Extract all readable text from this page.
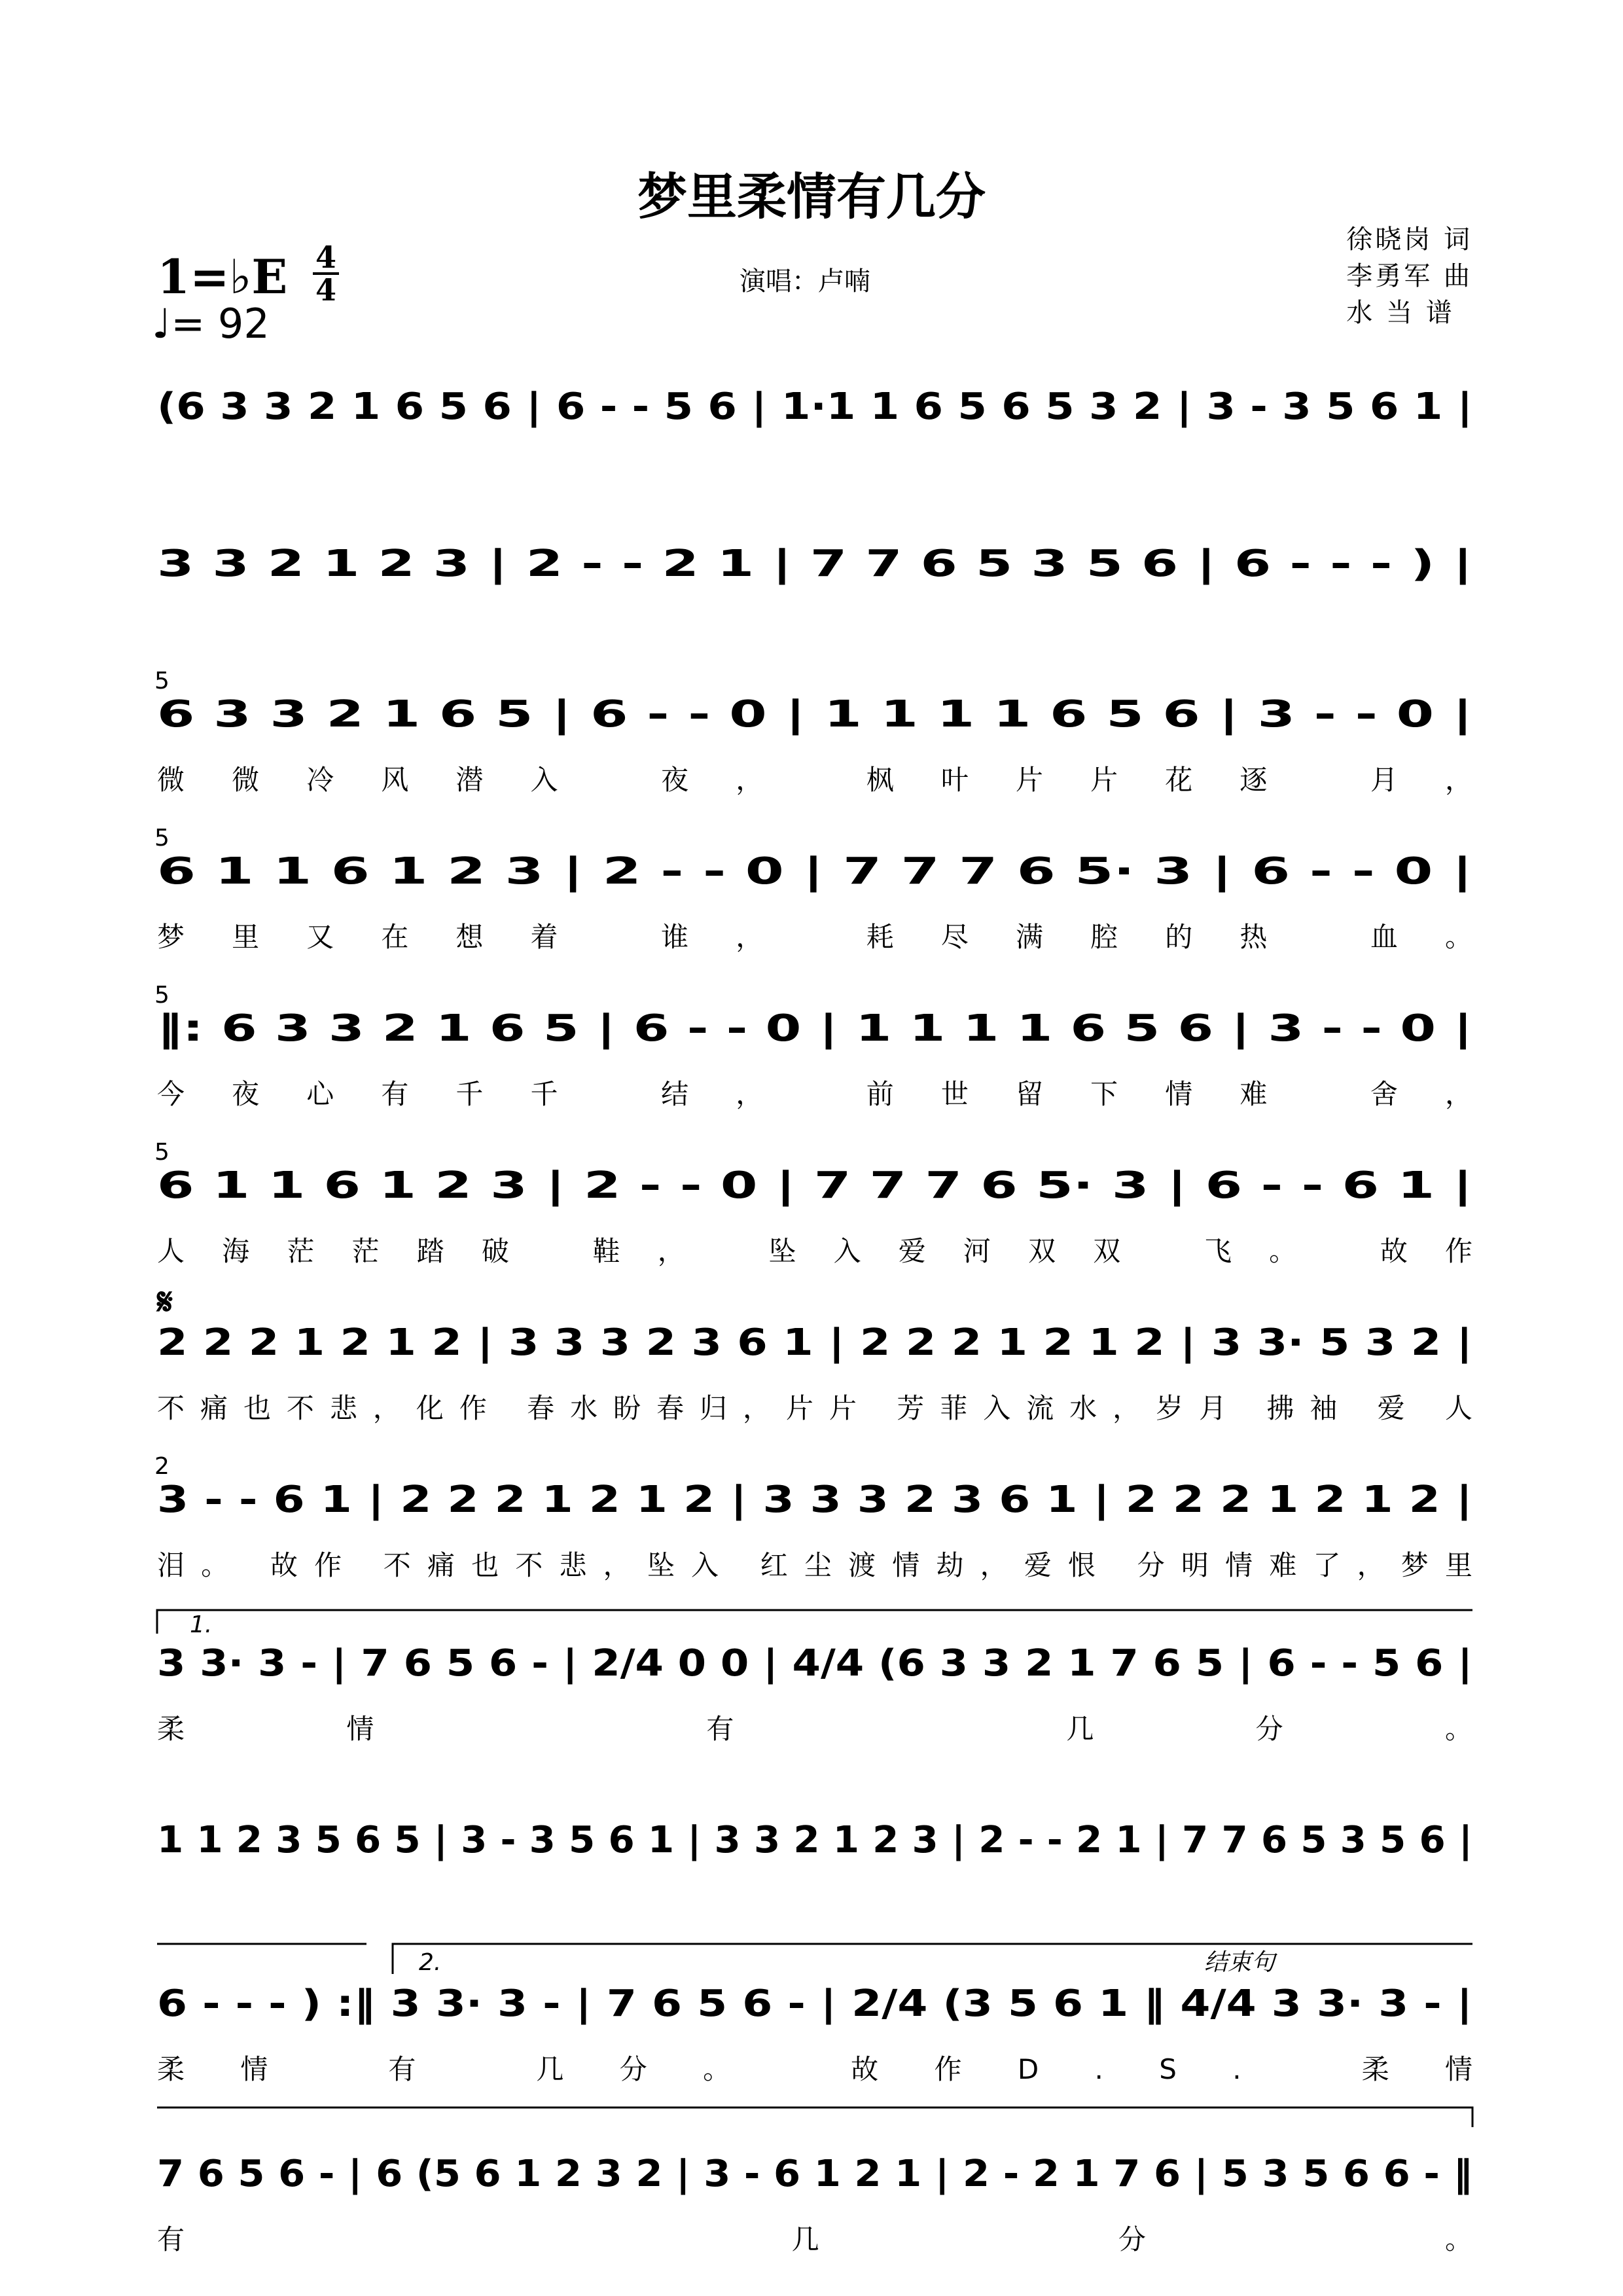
梦里柔情有几分
1=♭E 4
4
♩= 92
演唱：卢喃
徐晓岗 词
李勇军 曲
水 当 谱
(6 3 3 2 1 6 5 6 | 6 - - 5 6 | 1·1 1 6 5 6 5 3 2 | 3 - 3 5 6 1 |
3 3 2 1 2 3 | 2 - - 2 1 | 7 7 6 5 3 5 6 | 6 - - - ) |
6 3 3 2 1 6 5 | 6 - - 0 | 1 1 1 1 6 5 6 | 3 - - 0 |
微微冷风潜入 夜， 枫叶片片花逐 月，
5
6 1 1 6 1 2 3 | 2 - - 0 | 7 7 7 6 5· 3 | 6 - - 0 |
梦里又在想着 谁， 耗尽满腔的热 血。
5
‖: 6 3 3 2 1 6 5 | 6 - - 0 | 1 1 1 1 6 5 6 | 3 - - 0 |
今夜心有千千 结， 前世留下情难 舍，
5
6 1 1 6 1 2 3 | 2 - - 0 | 7 7 7 6 5· 3 | 6 - - 6 1 |
人海茫茫踏破 鞋， 坠入爱河双双 飞。 故作
5
2 2 2 1 2 1 2 | 3 3 3 2 3 6 1 | 2 2 2 1 2 1 2 | 3 3· 5 3 2 |
不痛也不悲，化作 春水盼春归，片片 芳菲入流水，岁月 拂袖 爱 人
𝄋
3 - - 6 1 | 2 2 2 1 2 1 2 | 3 3 3 2 3 6 1 | 2 2 2 1 2 1 2 |
泪。 故作 不痛也不悲，坠入 红尘渡情劫，爱恨 分明情难了，梦里
2
3 3· 3 - | 7 6 5 6 - | 2/4 0 0 | 4/4 (6 3 3 2 1 7 6 5 | 6 - - 5 6 |
柔情 有 几分。
1.
1 1 2 3 5 6 5 | 3 - 3 5 6 1 | 3 3 2 1 2 3 | 2 - - 2 1 | 7 7 6 5 3 5 6 |
6 - - - ) :‖ 3 3· 3 - | 7 6 5 6 - | 2/4 (3 5 6 1 ‖ 4/4 3 3· 3 - |
柔情 有 几分。 故作D.S. 柔情
2.	结束句
7 6 5 6 - | 6 (5 6 1 2 3 2 | 3 - 6 1 2 1 | 2 - 2 1 7 6 | 5 3 5 6 6 - ‖
有 几分。
